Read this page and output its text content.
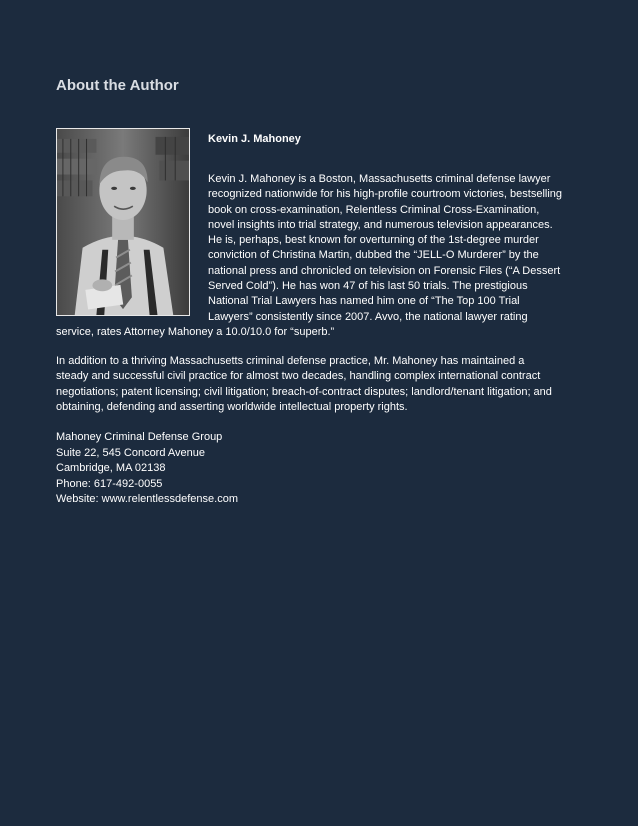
About the Author
Kevin J. Mahoney

Kevin J. Mahoney is a Boston, Massachusetts criminal defense lawyer
recognized nationwide for his high-profile courtroom victories, bestselling
book on cross-examination, Relentless Criminal Cross-Examination,
novel insights into trial strategy, and numerous television appearances.
He is, perhaps, best known for overturning of the 1st-degree murder
conviction of Christina Martin, dubbed the “JELL-O Murderer” by the
national press and chronicled on television on Forensic Files (“A Dessert
Served Cold”). He has won 47 of his last 50 trials. The prestigious
National Trial Lawyers has named him one of “The Top 100 Trial
Lawyers” consistently since 2007. Avvo, the national lawyer rating
service, rates Attorney Mahoney a 10.0/10.0 for “superb.”

In addition to a thriving Massachusetts criminal defense practice, Mr. Mahoney has maintained a
steady and successful civil practice for almost two decades, handling complex international contract
negotiations; patent licensing; civil litigation; breach-of-contract disputes; landlord/tenant litigation; and
obtaining, defending and asserting worldwide intellectual property rights.

Mahoney Criminal Defense Group
Suite 22, 545 Concord Avenue
Cambridge, MA 02138
Phone: 617-492-0055
Website: www.relentlessdefense.com
